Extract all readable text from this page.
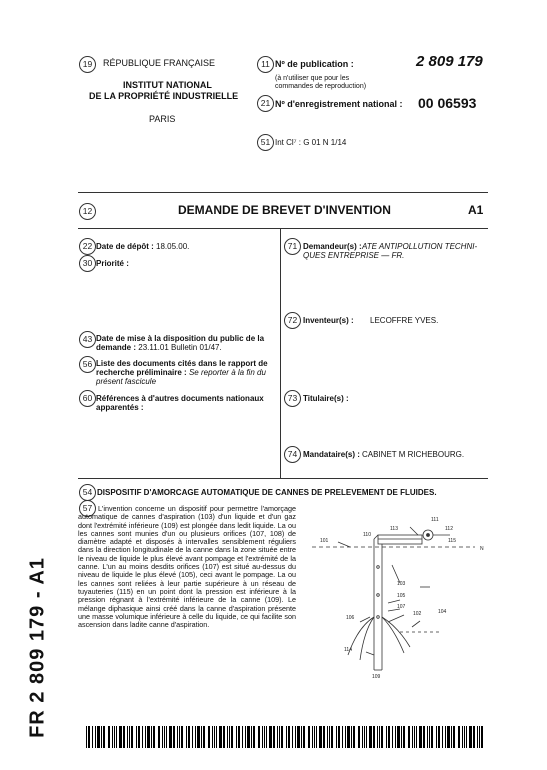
19	RÉPUBLIQUE FRANÇAISE
INSTITUT NATIONAL
DE LA PROPRIÉTÉ INDUSTRIELLE
PARIS
11 Nº de publication :	2 809 179
(à n'utiliser que pour les
commandes de reproduction)
21 Nº d'enregistrement national : 00 06593
51 Int Cl⁷ : G 01 N 1/14
12	DEMANDE DE BREVET D'INVENTION	A1
22 Date de dépôt : 18.05.00.
30 Priorité :
43 Date de mise à la disposition du public de la
demande : 23.11.01 Bulletin 01/47.
56 Liste des documents cités dans le rapport de
recherche préliminaire : Se reporter à la fin du
présent fascicule
60 Références à d'autres documents nationaux
apparentés :
71 Demandeur(s) : ATE ANTIPOLLUTION TECHNI-
QUES ENTREPRISE — FR.
72 Inventeur(s) : LECOFFRE YVES.
73 Titulaire(s) :
74 Mandataire(s) : CABINET M RICHEBOURG.
54 DISPOSITIF D'AMORCAGE AUTOMATIQUE DE CANNES DE PRELEVEMENT DE FLUIDES.
57 L'invention concerne un dispositif pour permettre l'amorçage automatique de cannes d'aspiration (103) d'un liquide et d'un gaz dont l'extrémité inférieure (109) est plongée dans ledit liquide. La ou les cannes sont munies d'un ou plusieurs orifices (107, 108) de diamètre adapté et disposés à intervalles sensiblement réguliers dans la direction longitudinale de la canne dans la zone située entre le niveau de liquide le plus élevé avant pompage et l'extrémité de la canne. L'un au moins desdits orifices (107) est situé au-dessus du niveau de liquide le plus élevé (105), ceci avant le pompage. La ou les cannes sont reliées à leur partie supérieure à un réseau de tuyauteries (115) en un point dont la pression est inférieure à la pression régnant à l'extrémité inférieure de la canne (109). Le mélange diphasique ainsi créé dans la canne d'aspiration présente une masse volumique inférieure à celle du liquide, ce qui facilite son ascension dans ladite canne d'aspiration.
111
112
113
110
115
101
N
105
103
107
106
102	104
114
109
FR 2 809 179 - A1
